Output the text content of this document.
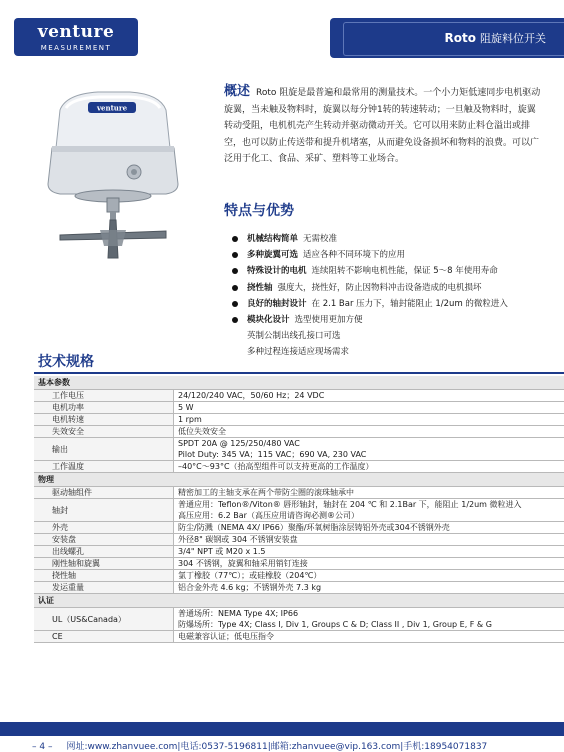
venture
MEASUREMENT
Roto 阻旋料位开关
venture
概述 Roto 阻旋是最普遍和最常用的测量技术。一个小力矩低速同步电机驱动旋翼，当未触及物料时，旋翼以每分钟1转的转速转动；一旦触及物料时，旋翼转动受阻，电机机壳产生转动并驱动微动开关。它可以用来防止料仓溢出或排空，也可以防止传送带和提升机堵塞，从而避免设备损坏和物料的浪费。可以广泛用于化工、食品、采矿、塑料等工业场合。
特点与优势
机械结构简单 无需校准
多种旋翼可选 适应各种不同环境下的应用
特殊设计的电机 连续阻转不影响电机性能，保证 5～8 年使用寿命
挠性轴 强度大，挠性好，防止因物料冲击设备造成的电机损坏
良好的轴封设计 在 2.1 Bar 压力下，轴封能阻止 1/2um 的微粒进入
模块化设计 选型使用更加方便
英制公制出线孔接口可选
多种过程连接适应现场需求
技术规格
基本参数	
工作电压	24/120/240 VAC，50/60 Hz；24 VDC
电机功率	5 W
电机转速	1 rpm
失效安全	低位失效安全
输出	SPDT 20A @ 125/250/480 VAC
Pilot Duty: 345 VA；115 VAC；690 VA, 230 VAC

工作温度	–40°C～93°C（抬高型组件可以支持更高的工作温度）
物理	
驱动轴组件	精密加工的主轴支承在两个带防尘圈的滚珠轴承中
轴封	普通应用：Teflon®/Viton® 唇形轴封，轴封在 204 ℃ 和 2.1Bar 下，能阻止 1/2um 微粒进入
高压应用：6.2 Bar（高压应用请咨询必测®公司）

外壳	防尘/防溅（NEMA 4X/ IP66）聚酯/环氧树脂涂层铸铝外壳或304不锈钢外壳
安装盘	外径8" 碳钢或 304 不锈钢安装盘
出线螺孔	3/4" NPT 或 M20 x 1.5
刚性轴和旋翼	304 不锈钢，旋翼和轴采用销钉连接
挠性轴	氯丁橡胶（77℃）；或硅橡胶（204℃）
发运重量	铝合金外壳 4.6 kg；不锈钢外壳 7.3 kg
认证	
UL（US&Canada）	普通场所：NEMA Type 4X; IP66
防爆场所：Type 4X; Class I, Div 1, Groups C & D; Class II , Div 1, Group E, F & G

CE	电磁兼容认证；低电压指令
– 4 – 网址:www.zhanvuee.com|电话:0537-5196811|邮箱:zhanvuee@vip.163.com|手机:18954071837
